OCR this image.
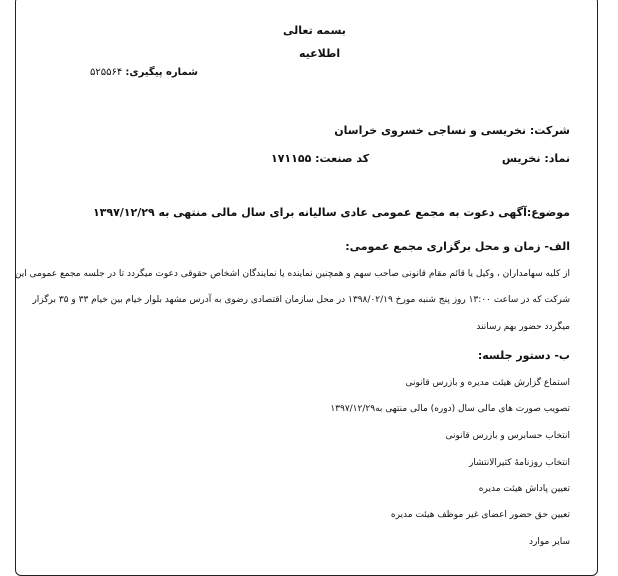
بسمه تعالی
اطلاعیه
شماره پیگیری: ۵۲۵۵۶۴
شرکت: نخریسی و نساجی خسروی خراسان
نماد: نخریس
کد صنعت: ۱۷۱۱۵۵
موضوع:آگهی دعوت به مجمع عمومی عادی سالیانه برای سال مالی منتهی به ۱۳۹۷/۱۲/۲۹
الف- زمان و محل برگزاری مجمع عمومی:
از کلیه سهامداران ، وکیل یا قائم مقام قانونی صاحب سهم و همچنین نماینده یا نمایندگان اشخاص حقوقی دعوت میگردد تا در جلسه مجمع عمومی این
شرکت که در ساعت ۱۳:۰۰ روز پنج شنبه مورخ ۱۳۹۸/۰۲/۱۹ در محل سازمان اقتصادی رضوی به آدرس مشهد بلوار خیام بین خیام ۳۳ و ۳۵ برگزار
میگردد حضور بهم رسانند
ب- دستور جلسه:
استماع گزارش هیئت مدیره و بازرس قانونی
تصویب صورت های مالی سال (دوره) مالی منتهی به۱۳۹۷/۱۲/۲۹
انتخاب حسابرس و بازرس قانونی
انتخاب روزنامهٔ کثیرالانتشار
تعیین پاداش هیئت مدیره
تعیین حق حضور اعضای غیر موظف هیئت مدیره
سایر موارد
